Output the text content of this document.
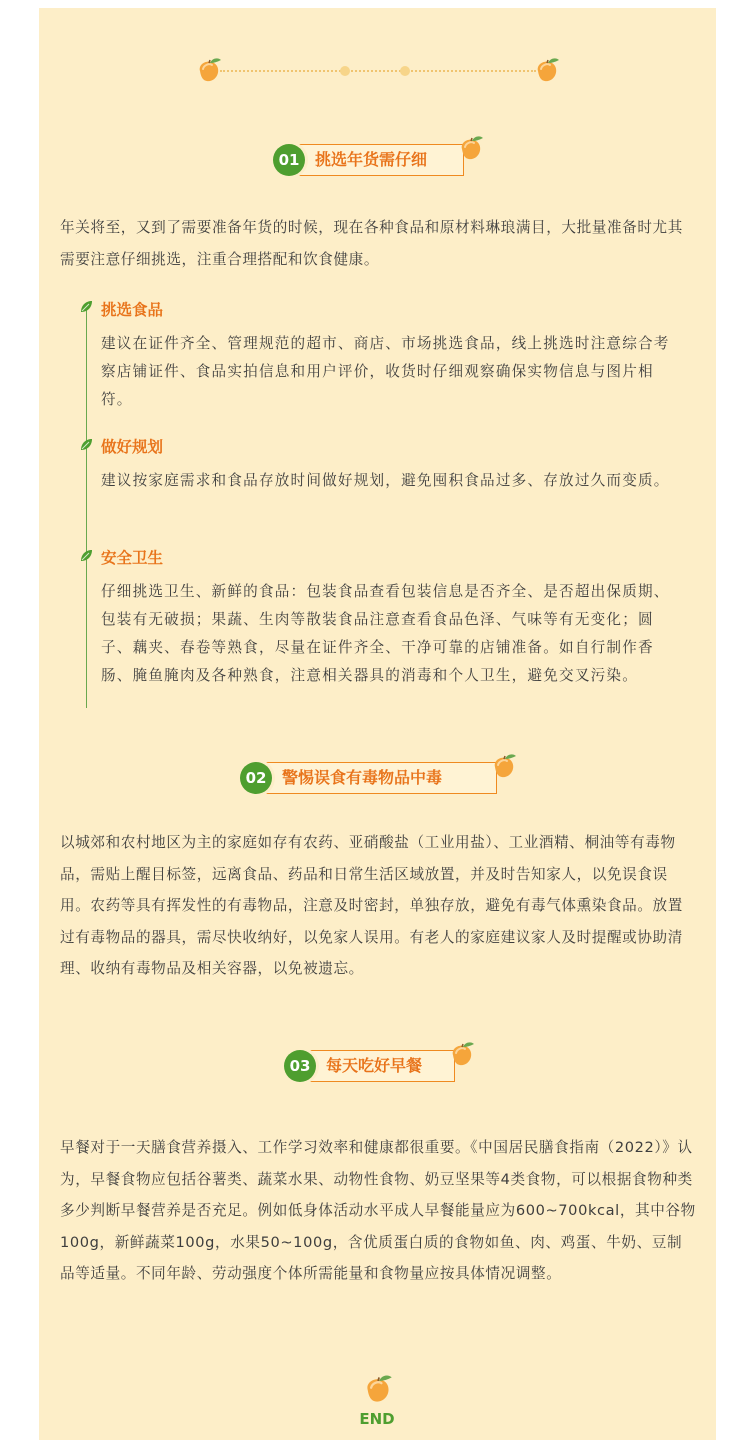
01 挑选年货需仔细

年关将至，又到了需要准备年货的时候，现在各种食品和原材料琳琅满目，大批量准备时尤其需要注意仔细挑选，注重合理搭配和饮食健康。

挑选食品

建议在证件齐全、管理规范的超市、商店、市场挑选食品，线上挑选时注意综合考察店铺证件、食品实拍信息和用户评价，收货时仔细观察确保实物信息与图片相符。

做好规划

建议按家庭需求和食品存放时间做好规划，避免囤积食品过多、存放过久而变质。

安全卫生

仔细挑选卫生、新鲜的食品：包装食品查看包装信息是否齐全、是否超出保质期、包装有无破损；果蔬、生肉等散装食品注意查看食品色泽、气味等有无变化；圆子、藕夹、春卷等熟食，尽量在证件齐全、干净可靠的店铺准备。如自行制作香肠、腌鱼腌肉及各种熟食，注意相关器具的消毒和个人卫生，避免交叉污染。

02 警惕误食有毒物品中毒

以城郊和农村地区为主的家庭如存有农药、亚硝酸盐（工业用盐）、工业酒精、桐油等有毒物品，需贴上醒目标签，远离食品、药品和日常生活区域放置，并及时告知家人，以免误食误用。农药等具有挥发性的有毒物品，注意及时密封，单独存放，避免有毒气体熏染食品。放置过有毒物品的器具，需尽快收纳好，以免家人误用。有老人的家庭建议家人及时提醒或协助清理、收纳有毒物品及相关容器，以免被遗忘。

03 每天吃好早餐

早餐对于一天膳食营养摄入、工作学习效率和健康都很重要。《中国居民膳食指南（2022）》认为，早餐食物应包括谷薯类、蔬菜水果、动物性食物、奶豆坚果等4类食物，可以根据食物种类多少判断早餐营养是否充足。例如低身体活动水平成人早餐能量应为600~700kcal，其中谷物100g，新鲜蔬菜100g，水果50~100g，含优质蛋白质的食物如鱼、肉、鸡蛋、牛奶、豆制品等适量。不同年龄、劳动强度个体所需能量和食物量应按具体情况调整。

END
